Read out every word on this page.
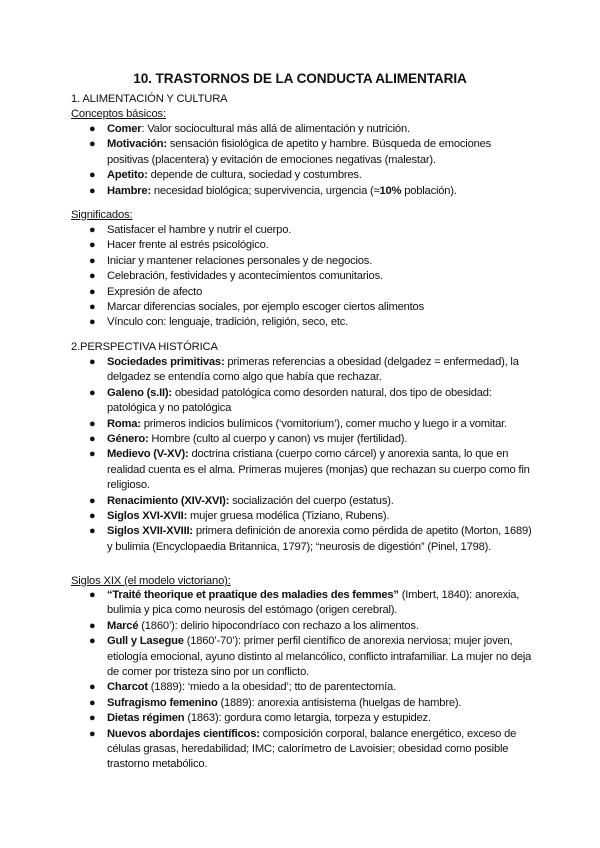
10. TRASTORNOS DE LA CONDUCTA ALIMENTARIA
1. ALIMENTACIÓN Y CULTURA
Conceptos básicos:
● Comer: Valor sociocultural más allá de alimentación y nutrición.
● Motivación: sensación fisiológica de apetito y hambre. Búsqueda de emociones positivas (placentera) y evitación de emociones negativas (malestar).
● Apetito: depende de cultura, sociedad y costumbres.
● Hambre: necesidad biológica; supervivencia, urgencia (≈10% población).
Significados:
● Satisfacer el hambre y nutrir el cuerpo.
● Hacer frente al estrés psicológico.
● Iniciar y mantener relaciones personales y de negocios.
● Celebración, festividades y acontecimientos comunitarios.
● Expresión de afecto
● Marcar diferencias sociales, por ejemplo escoger ciertos alimentos
● Vínculo con: lenguaje, tradición, religión, seco, etc.
2.PERSPECTIVA HISTÓRICA
● Sociedades primitivas: primeras referencias a obesidad (delgadez = enfermedad), la delgadez se entendía como algo que había que rechazar.
● Galeno (s.II): obesidad patológica como desorden natural, dos tipo de obesidad: patológica y no patológica
● Roma: primeros indicios bulímicos (‘vomitorium’), comer mucho y luego ir a vomitar.
● Género: Hombre (culto al cuerpo y canon) vs mujer (fertilidad).
● Medievo (V-XV): doctrina cristiana (cuerpo como cárcel) y anorexia santa, lo que en realidad cuenta es el alma. Primeras mujeres (monjas) que rechazan su cuerpo como fin religioso.
● Renacimiento (XIV-XVI): socialización del cuerpo (estatus).
● Siglos XVI-XVII: mujer gruesa modélica (Tiziano, Rubens).
● Siglos XVII-XVIII: primera definición de anorexia como pérdida de apetito (Morton, 1689) y bulimia (Encyclopaedia Britannica, 1797); “neurosis de digestión” (Pinel, 1798).
Siglos XIX (el modelo victoriano):
● “Traité theorique et praatique des maladies des femmes” (Imbert, 1840): anorexia, bulimia y pica como neurosis del estómago (origen cerebral).
● Marcé (1860’): delirio hipocondríaco con rechazo a los alimentos.
● Gull y Lasegue (1860’-70’): primer perfil científico de anorexia nerviosa; mujer joven, etiología emocional, ayuno distinto al melancólico, conflicto intrafamiliar. La mujer no deja de comer por tristeza sino por un conflicto.
● Charcot (1889): ‘miedo a la obesidad’; tto de parentectomía.
● Sufragismo femenino (1889): anorexia antisistema (huelgas de hambre).
● Dietas régimen (1863): gordura como letargia, torpeza y estupidez.
● Nuevos abordajes científicos: composición corporal, balance energético, exceso de células grasas, heredabilidad; IMC; calorímetro de Lavoisier; obesidad como posible trastorno metabólico.
